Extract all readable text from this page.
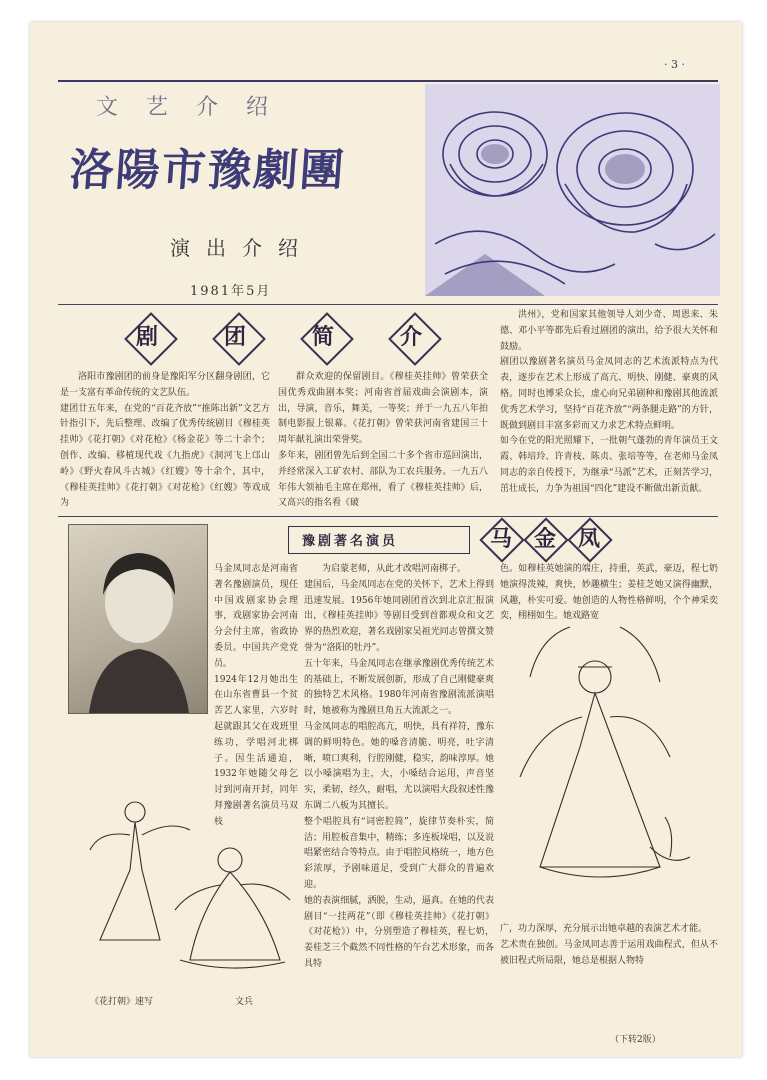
· 3 ·
文艺介绍
洛陽市豫劇團
演出介绍
1981年5月
剧	团	简	介
洛阳市豫剧团的前身是豫阳军分区翻身剧团，它是一支富有革命传统的文艺队伍。
建团廿五年来，在党的“百花齐放”“推陈出新”文艺方针指引下，先后整理、改编了优秀传统剧目《穆桂英挂帅》《花打朝》《对花枪》《杨金花》等二十余个；创作、改编、移植现代戏《九指虎》《洞河飞上邙山岭》《野火春风斗古城》《红嫂》等十余个，其中，《穆桂英挂帅》《花打朝》《对花枪》《红嫂》等戏成为
群众欢迎的保留剧目。《穆桂英挂帅》曾荣获全国优秀戏曲剧本奖；河南省首届戏曲会演剧本，演出，导演，音乐，舞美，一等奖；并于一九五八年拍制电影报上银幕。《花打朝》曾荣获河南省建国三十周年献礼演出荣誉奖。
多年来，剧团曾先后到全国二十多个省市巡回演出，并经常深入工矿农村、部队为工农兵服务。一九五八年伟大领袖毛主席在郑州，看了《穆桂英挂帅》后，又高兴的指名看《破
洪州》，党和国家其他领导人刘少奇、周恩来、朱德、邓小平等都先后看过剧团的演出，给予很大关怀和鼓励。
剧团以豫剧著名演员马金凤同志的艺术流派特点为代表，逐步在艺术上形成了高亢、明快、刚健、豪爽的风格。同时也博采众长，虚心向兄弟剧种和豫剧其他流派优秀艺术学习，坚持“百花齐放”“两条腿走路”的方针，既做到剧目丰富多彩而又力求艺术特点鲜明。
如今在党的阳光照耀下，一批朝气蓬勃的青年演员王文霞、韩培玲、许青枝、陈贞、张培等等，在老师马金凤同志的亲自传授下，为继承“马派”艺术，正刻苦学习，茁壮成长，力争为祖国“四化”建设不断做出新贡献。
豫剧著名演员	马 金 凤
马金凤同志是河南省著名豫剧演员，现任中国戏剧家协会理事，戏剧家协会河南分会付主席，省政协委员。中国共产党党员。
1924年12月她出生在山东省曹县一个贫苦艺人家里，六岁时起就跟其父在戏班里练功，学唱河北梆子。因生活通迫，1932年她随父母乞讨到河南开封，同年拜豫剧著名演员马双枝
为启蒙老师，从此才改唱河南梆子。
建国后，马金凤同志在党的关怀下，艺术上得到迅速发展。1956年她同剧团首次到北京汇报演出，《穆桂英挂帅》等剧目受到首都观众和文艺界的热烈欢迎，著名戏剧家吴祖光同志曾撰文赞誉为“洛阳的牡丹”。
五十年来，马金凤同志在继承豫剧优秀传统艺术的基础上，不断发展创新，形成了自己刚健豪爽的独特艺术风格。1980年河南省豫剧流派演唱时，她被称为豫剧旦角五大流派之一。
马金凤同志的唱腔高亢，明快，具有祥符，豫东调的鲜明特色。她的嗓音清脆、明亮，吐字清晰，喷口爽利，行腔刚健，稳实，韵味淳厚。她以小嗓演唱为主，大，小嗓结合运用，声音坚实，柔韧，经久，耐唱，尤以演唱大段叙述性豫东调二八板为其擅长。
整个唱腔具有“词密腔简”，旋律节奏朴实，简洁；用腔板音集中，精练；多连板垛唱，以及说唱紧密结合等特点。由于唱腔风格统一，地方色彩浓厚，予剧味道足，受到广大群众的普遍欢迎。
她的表演细腻，洒脱，生动，逼真。在她的代表剧目“一挂两花”（即《穆桂英挂帅》《花打朝》《对花枪》）中，分别塑造了穆桂英，程七奶，姜桂芝三个截然不同性格的午台艺术形象，而各具特
色。如穆桂英她演的端庄，持重，英武，豪迈，程七奶她演得泼辣，爽快，妙趣横生；姜桂芝她又演得幽默，风趣，朴实可爱。她创造的人物性格鲜明，个个神采奕奕，栩栩如生。她戏路宽
《花打朝》速写	文兵
广，功力深厚，充分展示出她卓越的表演艺术才能。
艺术贵在独创。马金凤同志善于运用戏曲程式，但从不被旧程式所局限，她总是根据人物特
（下转2版）
